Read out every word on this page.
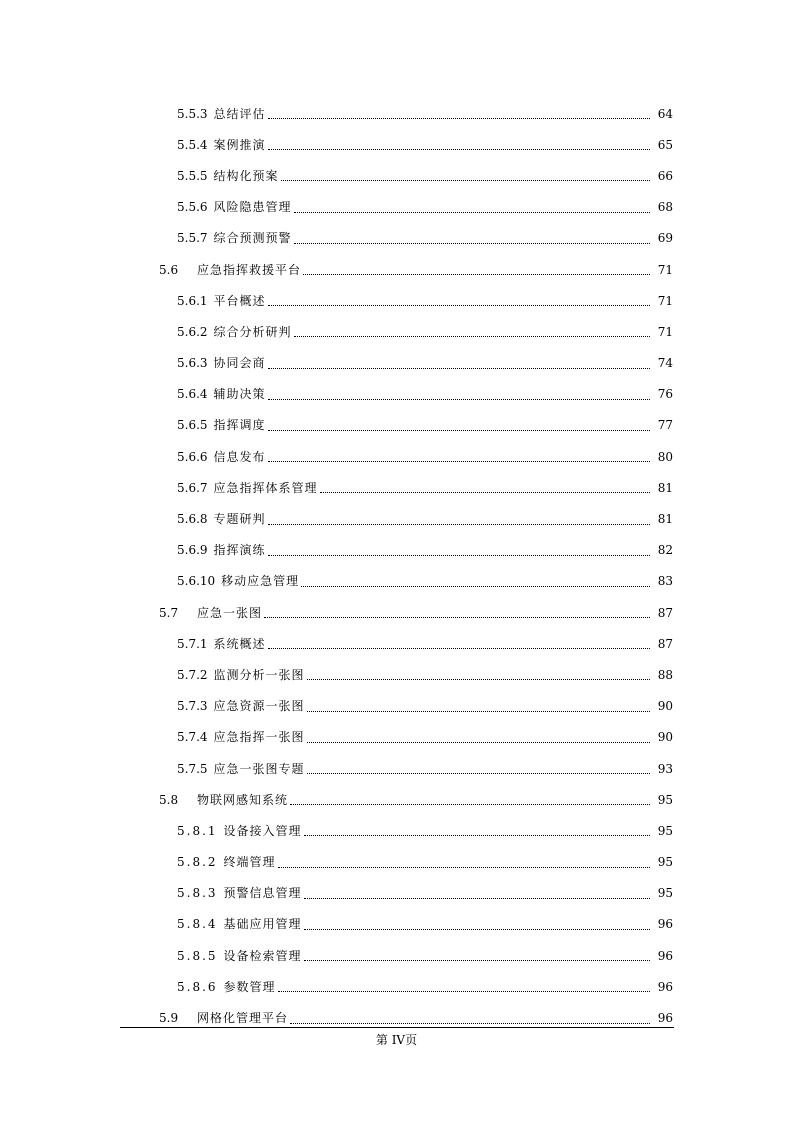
5.5.3 总结评估	64
5.5.4 案例推演	65
5.5.5 结构化预案	66
5.5.6 风险隐患管理	68
5.5.7 综合预测预警	69
5.6	应急指挥救援平台	71
5.6.1 平台概述	71
5.6.2 综合分析研判	71
5.6.3 协同会商	74
5.6.4 辅助决策	76
5.6.5 指挥调度	77
5.6.6 信息发布	80
5.6.7 应急指挥体系管理	81
5.6.8 专题研判	81
5.6.9 指挥演练	82
5.6.10 移动应急管理	83
5.7	应急一张图	87
5.7.1 系统概述	87
5.7.2 监测分析一张图	88
5.7.3 应急资源一张图	90
5.7.4 应急指挥一张图	90
5.7.5 应急一张图专题	93
5.8	物联网感知系统	95
5.8.1 设备接入管理	95
5.8.2 终端管理	95
5.8.3 预警信息管理	95
5.8.4 基础应用管理	96
5.8.5 设备检索管理	96
5.8.6 参数管理	96
5.9	网格化管理平台	96
第 IV页
